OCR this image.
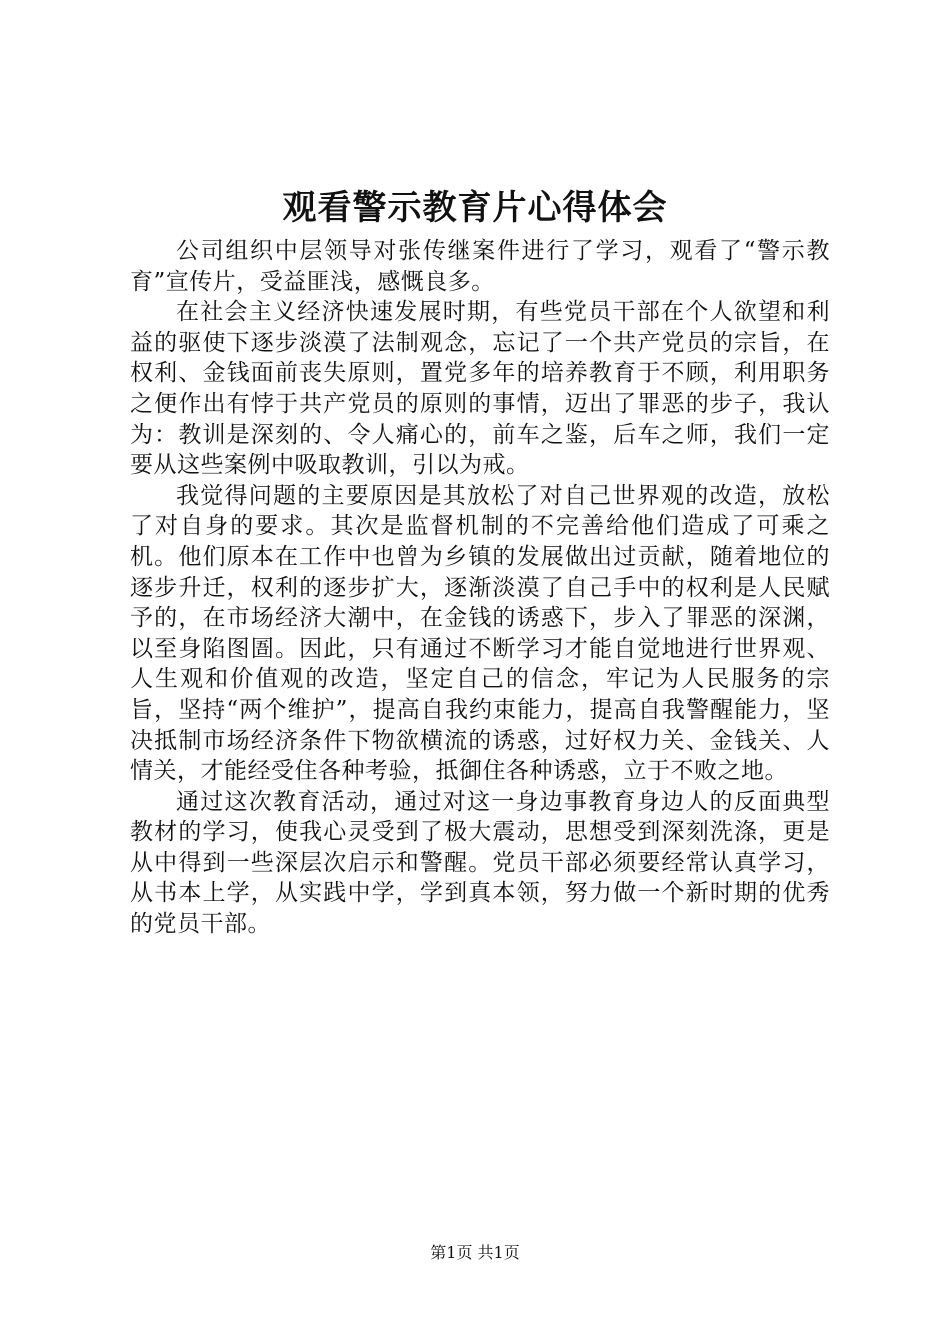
观看警示教育片心得体会

公司组织中层领导对张传继案件进行了学习，观看了“警示教育”宣传片，受益匪浅，感慨良多。

在社会主义经济快速发展时期，有些党员干部在个人欲望和利益的驱使下逐步淡漠了法制观念，忘记了一个共产党员的宗旨，在权利、金钱面前丧失原则，置党多年的培养教育于不顾，利用职务之便作出有悖于共产党员的原则的事情，迈出了罪恶的步子，我认为：教训是深刻的、令人痛心的，前车之鉴，后车之师，我们一定要从这些案例中吸取教训，引以为戒。

我觉得问题的主要原因是其放松了对自己世界观的改造，放松了对自身的要求。其次是监督机制的不完善给他们造成了可乘之机。他们原本在工作中也曾为乡镇的发展做出过贡献，随着地位的逐步升迁，权利的逐步扩大，逐渐淡漠了自己手中的权利是人民赋予的，在市场经济大潮中，在金钱的诱惑下，步入了罪恶的深渊，以至身陷图圄。因此，只有通过不断学习才能自觉地进行世界观、人生观和价值观的改造，坚定自己的信念，牢记为人民服务的宗旨，坚持“两个维护”，提高自我约束能力，提高自我警醒能力，坚决抵制市场经济条件下物欲横流的诱惑，过好权力关、金钱关、人情关，才能经受住各种考验，抵御住各种诱惑，立于不败之地。

通过这次教育活动，通过对这一身边事教育身边人的反面典型教材的学习，使我心灵受到了极大震动，思想受到深刻洗涤，更是从中得到一些深层次启示和警醒。党员干部必须要经常认真学习，从书本上学，从实践中学，学到真本领，努力做一个新时期的优秀的党员干部。

第1页 共1页
